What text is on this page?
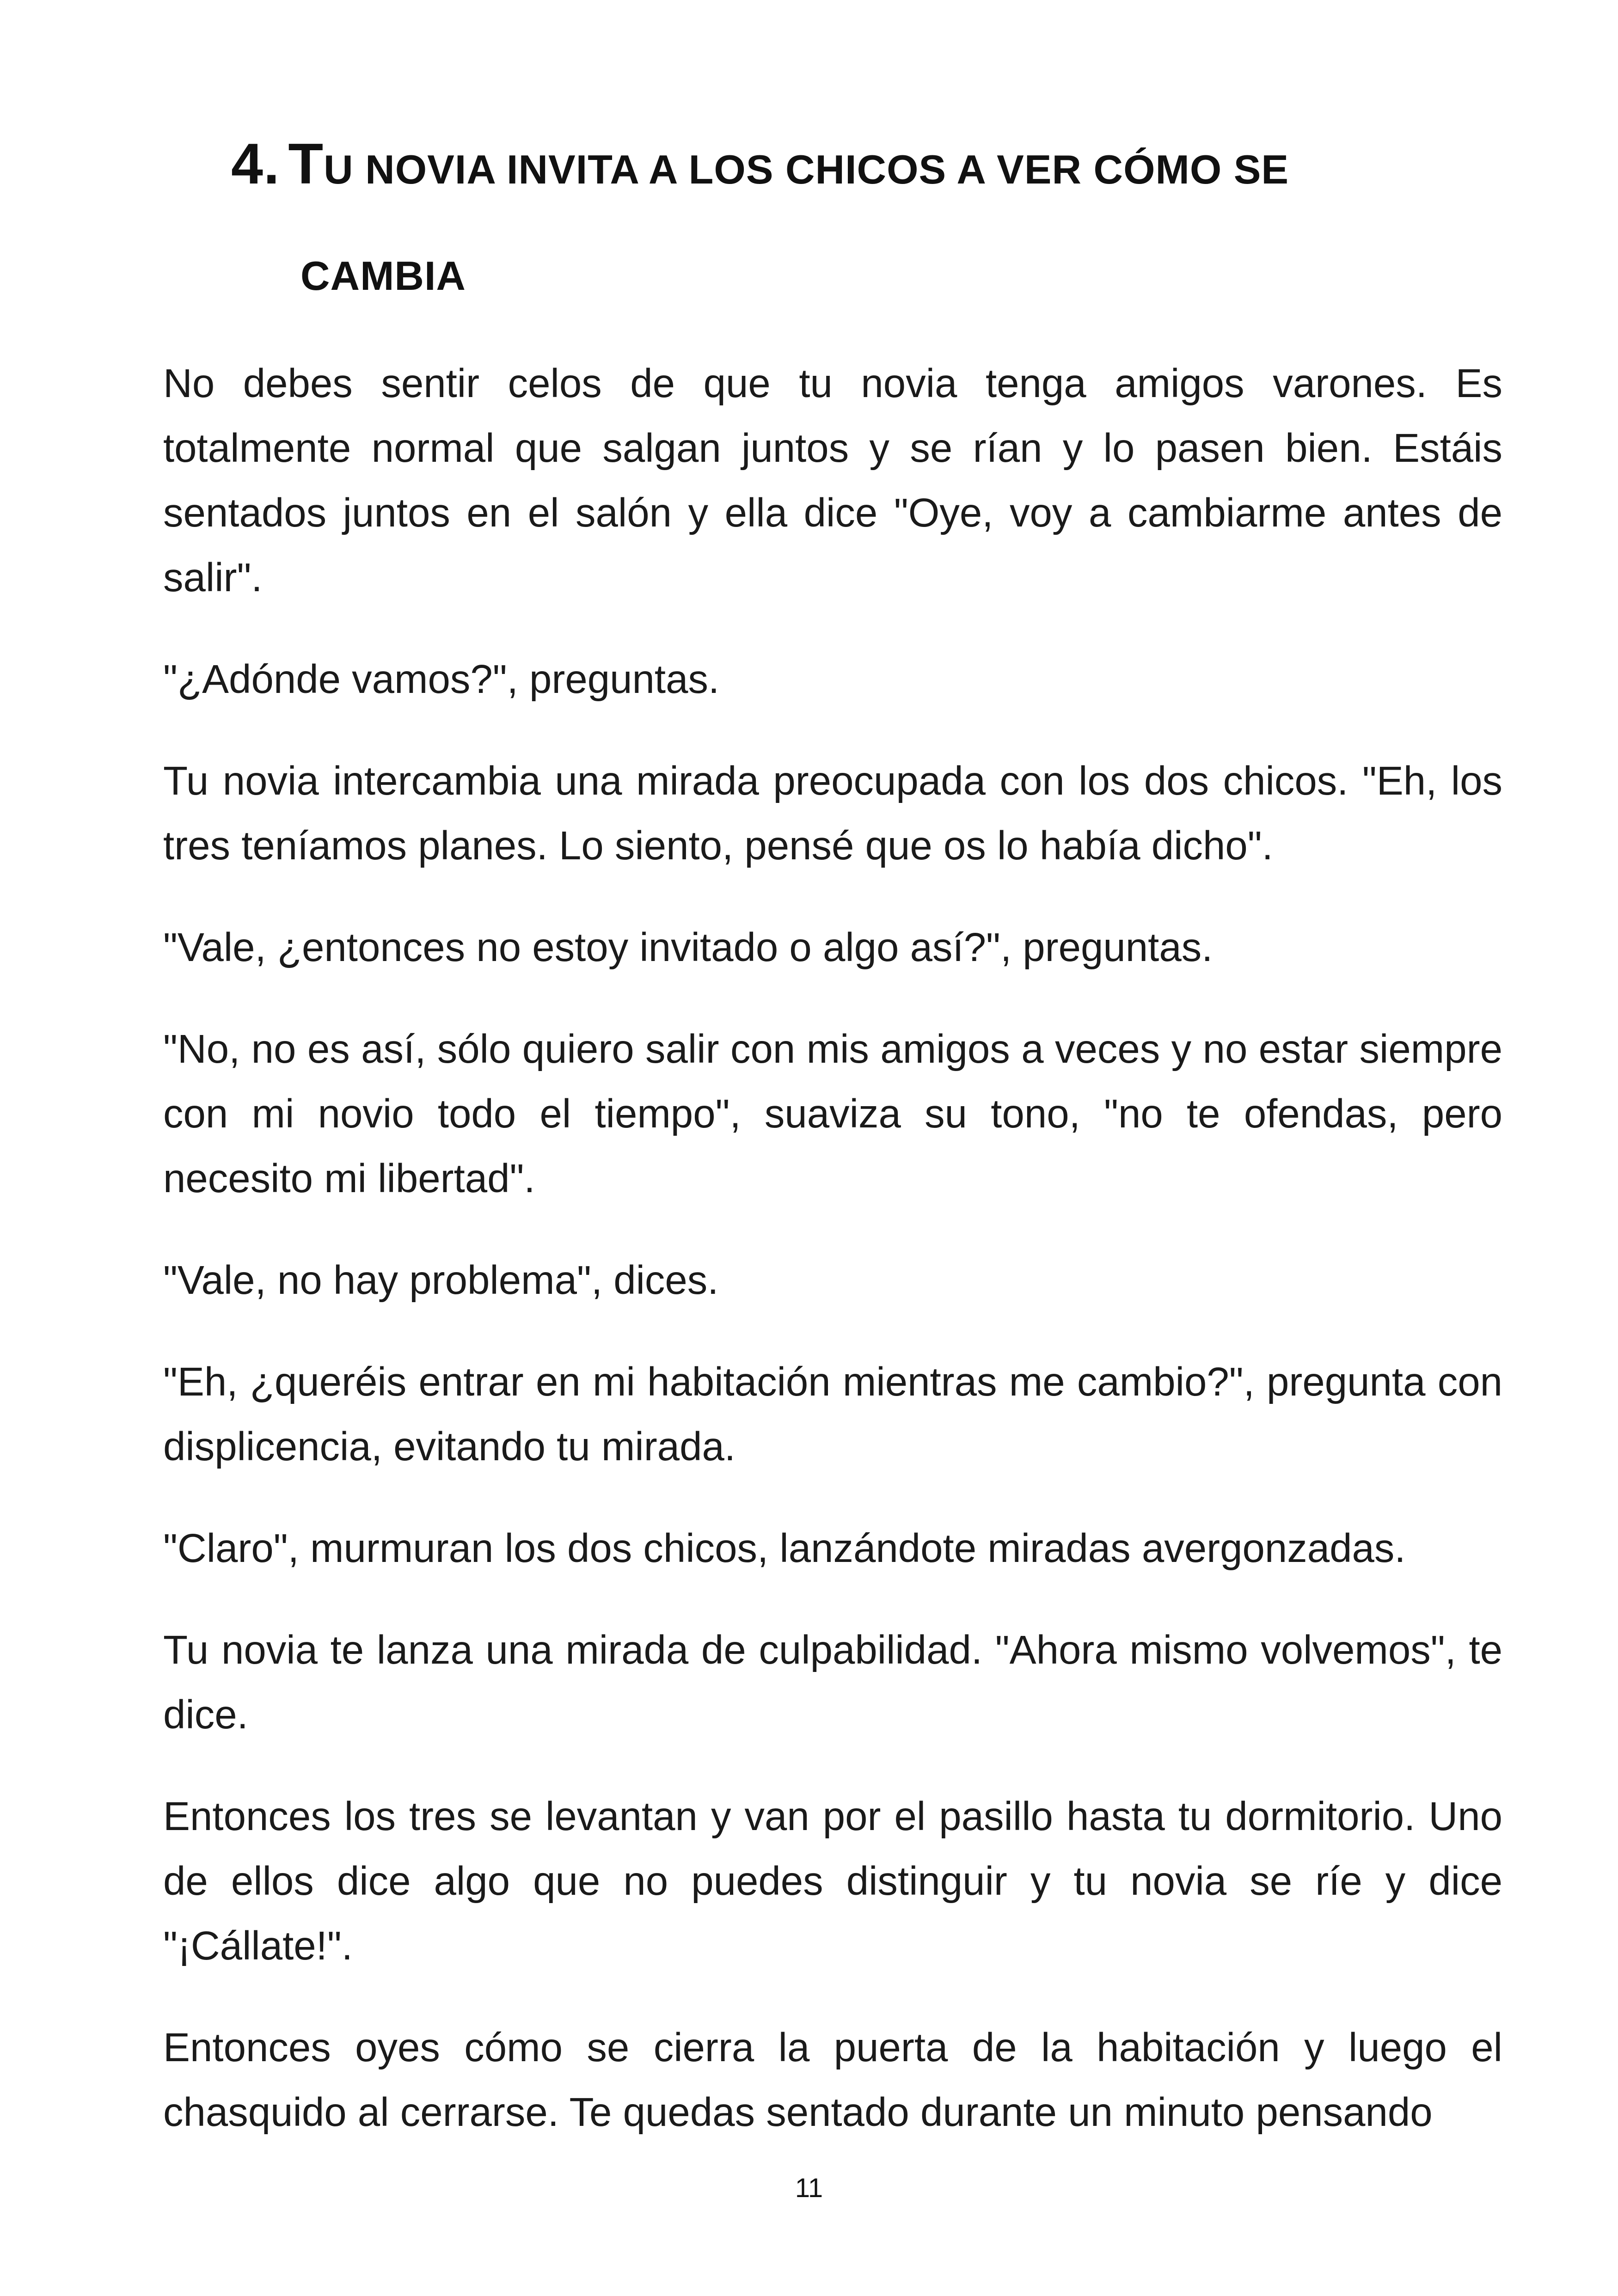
4. TU NOVIA INVITA A LOS CHICOS A VER CÓMO SE
CAMBIA

No debes sentir celos de que tu novia tenga amigos varones. Es totalmente normal que salgan juntos y se rían y lo pasen bien. Estáis sentados juntos en el salón y ella dice "Oye, voy a cambiarme antes de salir".

"¿Adónde vamos?", preguntas.

Tu novia intercambia una mirada preocupada con los dos chicos. "Eh, los tres teníamos planes. Lo siento, pensé que os lo había dicho".

"Vale, ¿entonces no estoy invitado o algo así?", preguntas.

"No, no es así, sólo quiero salir con mis amigos a veces y no estar siempre con mi novio todo el tiempo", suaviza su tono, "no te ofendas, pero necesito mi libertad".

"Vale, no hay problema", dices.

"Eh, ¿queréis entrar en mi habitación mientras me cambio?", pregunta con displicencia, evitando tu mirada.

"Claro", murmuran los dos chicos, lanzándote miradas avergonzadas.

Tu novia te lanza una mirada de culpabilidad. "Ahora mismo volvemos", te dice.

Entonces los tres se levantan y van por el pasillo hasta tu dormitorio. Uno de ellos dice algo que no puedes distinguir y tu novia se ríe y dice "¡Cállate!".

Entonces oyes cómo se cierra la puerta de la habitación y luego el chasquido al cerrarse. Te quedas sentado durante un minuto pensando

11
